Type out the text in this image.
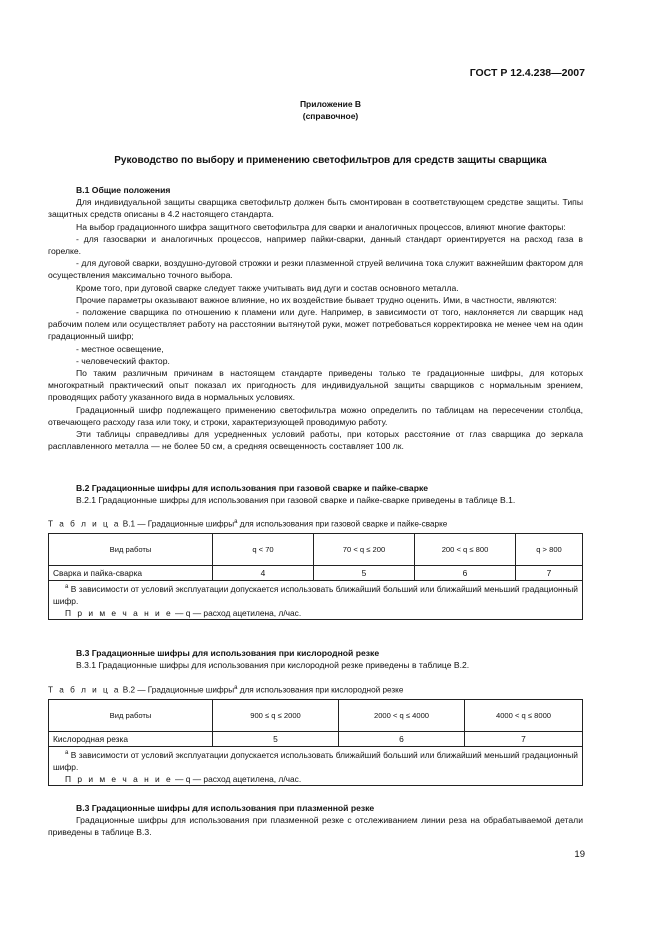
ГОСТ Р 12.4.238—2007
Приложение В
(справочное)
Руководство по выбору и применению светофильтров для средств защиты сварщика

В.1 Общие положения

Для индивидуальной защиты сварщика светофильтр должен быть смонтирован в соответствующем средстве защиты. Типы защитных средств описаны в 4.2 настоящего стандарта.

На выбор градационного шифра защитного светофильтра для сварки и аналогичных процессов, влияют многие факторы:

- для газосварки и аналогичных процессов, например пайки-сварки, данный стандарт ориентируется на расход газа в горелке.

- для дуговой сварки, воздушно-дуговой строжки и резки плазменной струей величина тока служит важнейшим фактором для осуществления максимально точного выбора.

Кроме того, при дуговой сварке следует также учитывать вид дуги и состав основного металла.

Прочие параметры оказывают важное влияние, но их воздействие бывает трудно оценить. Ими, в частности, являются:

- положение сварщика по отношению к пламени или дуге. Например, в зависимости от того, наклоняется ли сварщик над рабочим полем или осуществляет работу на расстоянии вытянутой руки, может потребоваться корректировка не менее чем на один градационный шифр;

- местное освещение,

- человеческий фактор.

По таким различным причинам в настоящем стандарте приведены только те градационные шифры, для которых многократный практический опыт показал их пригодность для индивидуальной защиты сварщиков с нормальным зрением, проводящих работу указанного вида в нормальных условиях.

Градационный шифр подлежащего применению светофильтра можно определить по таблицам на пересечении столбца, отвечающего расходу газа или току, и строки, характеризующей проводимую работу.

Эти таблицы справедливы для усредненных условий работы, при которых расстояние от глаз сварщика до зеркала расплавленного металла — не более 50 см, а средняя освещенность составляет 100 лк.

В.2 Градационные шифры для использования при газовой сварке и пайке-сварке

В.2.1 Градационные шифры для использования при газовой сварке и пайке-сварке приведены в таблице В.1.

Т а б л и ц а В.1 — Градационные шифры$^a$ для использования при газовой сварке и пайке-сварке
Вид работы	q < 70	70 < q ≤ 200	200 < q ≤ 800	q > 800
Сварка и пайка-сварка	4	5	6	7

$^a$ В зависимости от условий эксплуатации допускается использовать ближайший больший или ближайший меньший градационный шифр.

П р и м е ч а н и е — q — расход ацетилена, л/час.				

В.3 Градационные шифры для использования при кислородной резке

В.3.1 Градационные шифры для использования при кислородной резке приведены в таблице В.2.

Т а б л и ц а В.2 — Градационные шифры$^a$ для использования при кислородной резке
Вид работы	900 ≤ q ≤ 2000	2000 < q ≤ 4000	4000 < q ≤ 8000
Кислородная резка	5	6	7

$^a$ В зависимости от условий эксплуатации допускается использовать ближайший больший или ближайший меньший градационный шифр.

П р и м е ч а н и е — q — расход ацетилена, л/час.			

В.3 Градационные шифры для использования при плазменной резке

Градационные шифры для использования при плазменной резке с отслеживанием линии реза на обрабатываемой детали приведены в таблице В.3.

19
